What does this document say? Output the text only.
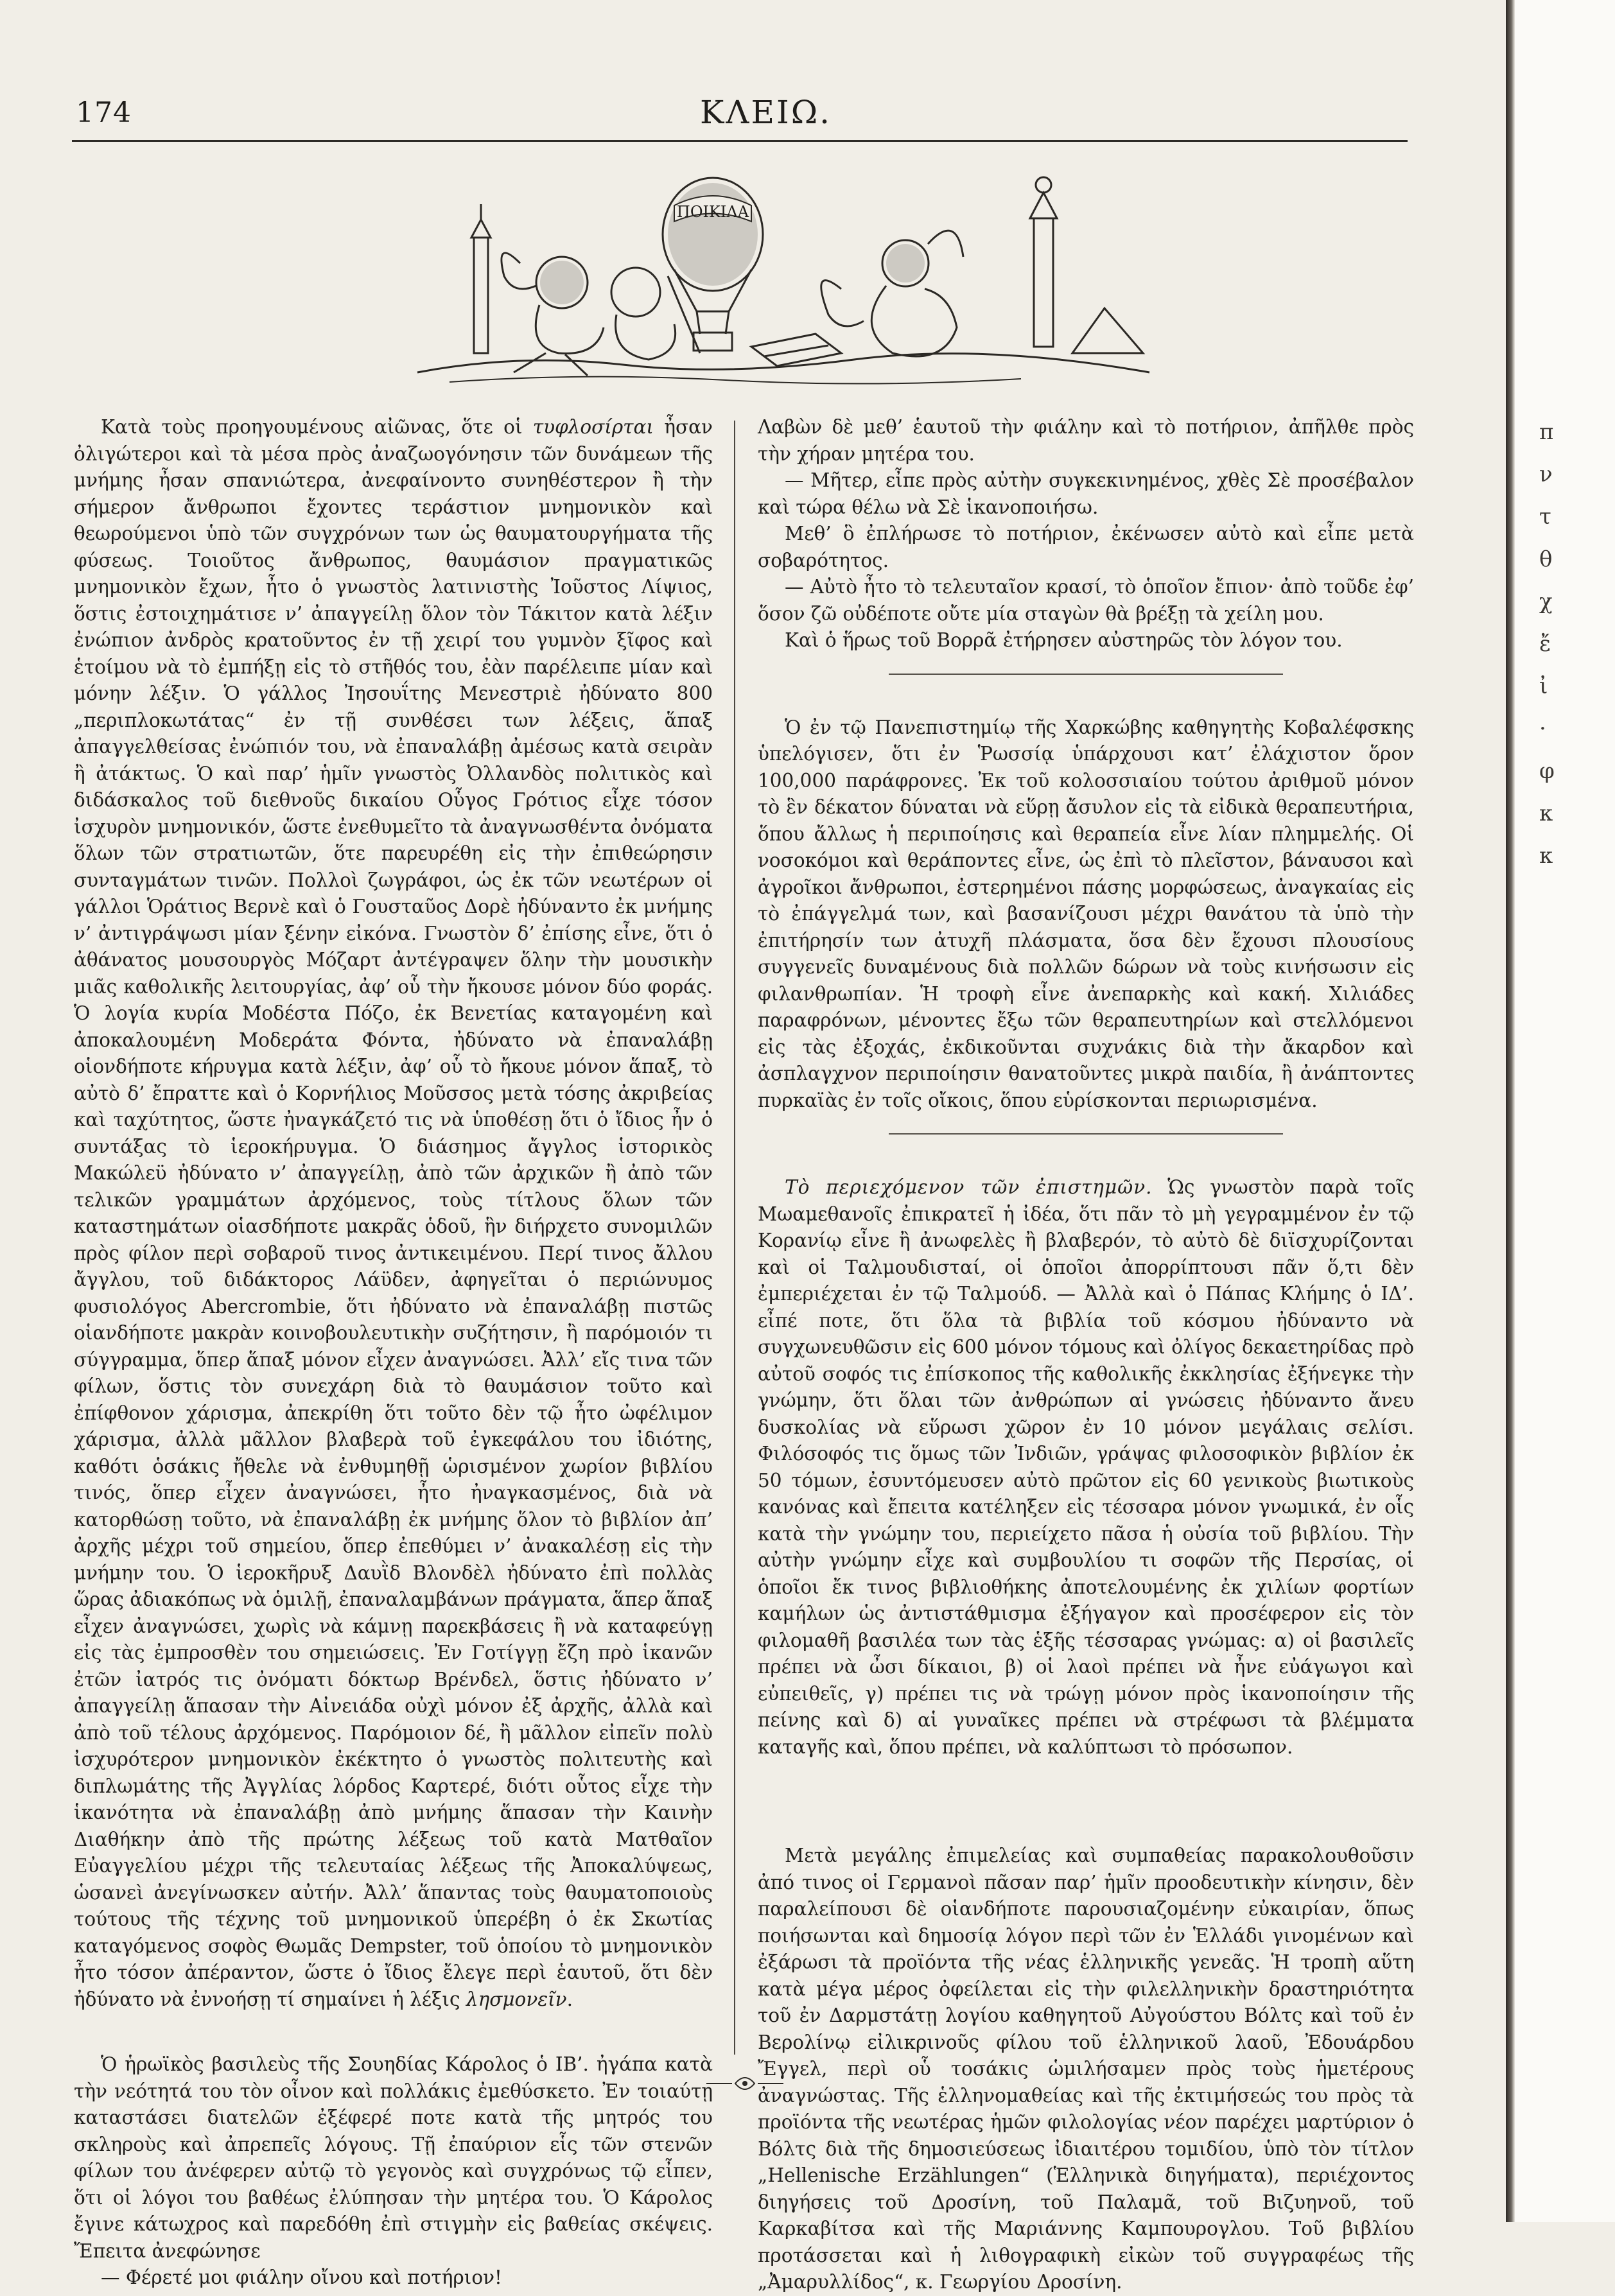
π
ν
τ
θ
χ
ἔ
ἰ
·
φ
κ
κ
174	ΚΛΕΙΩ.
ΠΟΙΚΙΛΑ

Κατὰ τοὺς προηγουμένους αἰῶνας, ὅτε οἱ τυφλοσίρται ἦσαν ὀλιγώτεροι καὶ τὰ μέσα πρὸς ἀναζωογόνησιν τῶν δυνάμεων τῆς μνήμης ἦσαν σπανιώτερα, ἀνεφαίνοντο συνηθέστερον ἢ τὴν σήμερον ἄνθρωποι ἔχοντες τεράστιον μνημονικὸν καὶ θεωρούμενοι ὑπὸ τῶν συγχρόνων των ὡς θαυματουργήματα τῆς φύσεως. Τοιοῦτος ἄνθρωπος, θαυμάσιον πραγματικῶς μνημονικὸν ἔχων, ἦτο ὁ γνωστὸς λατινιστὴς Ἰοῦστος Λίψιος, ὅστις ἐστοιχημάτισε ν’ ἀπαγγείλῃ ὅλον τὸν Τάκιτον κατὰ λέξιν ἐνώπιον ἀνδρὸς κρατοῦντος ἐν τῇ χειρί του γυμνὸν ξῖφος καὶ ἑτοίμου νὰ τὸ ἐμπήξῃ εἰς τὸ στῆθός του, ἐὰν παρέλειπε μίαν καὶ μόνην λέξιν. Ὁ γάλλος Ἰησουΐτης Μενεστριὲ ἠδύνατο 800 „περιπλοκωτάτας“ ἐν τῇ συνθέσει των λέξεις, ἅπαξ ἀπαγγελθείσας ἐνώπιόν του, νὰ ἐπαναλάβῃ ἀμέσως κατὰ σειρὰν ἢ ἀτάκτως. Ὁ καὶ παρ’ ἡμῖν γνωστὸς Ὀλλανδὸς πολιτικὸς καὶ διδάσκαλος τοῦ διεθνοῦς δικαίου Οὗγος Γρότιος εἶχε τόσον ἰσχυρὸν μνημονικόν, ὥστε ἐνεθυμεῖτο τὰ ἀναγνωσθέντα ὀνόματα ὅλων τῶν στρατιωτῶν, ὅτε παρευρέθη εἰς τὴν ἐπιθεώρησιν συνταγμάτων τινῶν. Πολλοὶ ζωγράφοι, ὡς ἐκ τῶν νεωτέρων οἱ γάλλοι Ὁράτιος Βερνὲ καὶ ὁ Γουσταῦος Δορὲ ἠδύναντο ἐκ μνήμης ν’ ἀντιγράψωσι μίαν ξένην εἰκόνα. Γνωστὸν δ’ ἐπίσης εἶνε, ὅτι ὁ ἀθάνατος μουσουργὸς Μόζαρτ ἀντέγραψεν ὅλην τὴν μουσικὴν μιᾶς καθολικῆς λειτουργίας, ἀφ’ οὗ τὴν ἤκουσε μόνον δύο φοράς. Ὁ λογία κυρία Μοδέστα Πόζο, ἐκ Βενετίας καταγομένη καὶ ἀποκαλουμένη Μοδεράτα Φόντα, ἠδύνατο νὰ ἐπαναλάβῃ οἱονδήποτε κήρυγμα κατὰ λέξιν, ἀφ’ οὗ τὸ ἤκουε μόνον ἅπαξ, τὸ αὐτὸ δ’ ἔπραττε καὶ ὁ Κορνήλιος Μοῦσσος μετὰ τόσης ἀκριβείας καὶ ταχύτητος, ὥστε ἠναγκάζετό τις νὰ ὑποθέσῃ ὅτι ὁ ἴδιος ἦν ὁ συντάξας τὸ ἱεροκήρυγμα. Ὁ διάσημος ἄγγλος ἱστορικὸς Μακώλεϋ ἠδύνατο ν’ ἀπαγγείλῃ, ἀπὸ τῶν ἀρχικῶν ἢ ἀπὸ τῶν τελικῶν γραμμάτων ἀρχόμενος, τοὺς τίτλους ὅλων τῶν καταστημάτων οἱασδήποτε μακρᾶς ὁδοῦ, ἣν διήρχετο συνομιλῶν πρὸς φίλον περὶ σοβαροῦ τινος ἀντικειμένου. Περί τινος ἄλλου ἄγγλου, τοῦ διδάκτορος Λάϋδεν, ἀφηγεῖται ὁ περιώνυμος φυσιολόγος Abercrombie, ὅτι ἠδύνατο νὰ ἐπαναλάβῃ πιστῶς οἱανδήποτε μακρὰν κοινοβουλευτικὴν συζήτησιν, ἢ παρόμοιόν τι σύγγραμμα, ὅπερ ἅπαξ μόνον εἶχεν ἀναγνώσει. Ἀλλ’ εἴς τινα τῶν φίλων, ὅστις τὸν συνεχάρη διὰ τὸ θαυμάσιον τοῦτο καὶ ἐπίφθονον χάρισμα, ἀπεκρίθη ὅτι τοῦτο δὲν τῷ ἦτο ὠφέλιμον χάρισμα, ἀλλὰ μᾶλλον βλαβερὰ τοῦ ἐγκεφάλου του ἰδιότης, καθότι ὁσάκις ἤθελε νὰ ἐνθυμηθῇ ὡρισμένον χωρίον βιβλίου τινός, ὅπερ εἶχεν ἀναγνώσει, ἦτο ἠναγκασμένος, διὰ νὰ κατορθώσῃ τοῦτο, νὰ ἐπαναλάβῃ ἐκ μνήμης ὅλον τὸ βιβλίον ἀπ’ ἀρχῆς μέχρι τοῦ σημείου, ὅπερ ἐπεθύμει ν’ ἀνακαλέσῃ εἰς τὴν μνήμην του. Ὁ ἱεροκῆρυξ Δαυῒδ Βλονδὲλ ἠδύνατο ἐπὶ πολλὰς ὥρας ἀδιακόπως νὰ ὁμιλῇ, ἐπαναλαμβάνων πράγματα, ἅπερ ἅπαξ εἶχεν ἀναγνώσει, χωρὶς νὰ κάμνῃ παρεκβάσεις ἢ νὰ καταφεύγῃ εἰς τὰς ἐμπροσθὲν του σημειώσεις. Ἐν Γοτίγγῃ ἔζη πρὸ ἱκανῶν ἐτῶν ἰατρός τις ὀνόματι δόκτωρ Βρένδελ, ὅστις ἠδύνατο ν’ ἀπαγγείλῃ ἅπασαν τὴν Αἰνειάδα οὐχὶ μόνον ἐξ ἀρχῆς, ἀλλὰ καὶ ἀπὸ τοῦ τέλους ἀρχόμενος. Παρόμοιον δέ, ἢ μᾶλλον εἰπεῖν πολὺ ἰσχυρότερον μνημονικὸν ἐκέκτητο ὁ γνωστὸς πολιτευτὴς καὶ διπλωμάτης τῆς Ἀγγλίας λόρδος Καρτερέ, διότι οὗτος εἶχε τὴν ἱκανότητα νὰ ἐπαναλάβῃ ἀπὸ μνήμης ἅπασαν τὴν Καινὴν Διαθήκην ἀπὸ τῆς πρώτης λέξεως τοῦ κατὰ Ματθαῖον Εὐαγγελίου μέχρι τῆς τελευταίας λέξεως τῆς Ἀποκαλύψεως, ὡσανεὶ ἀνεγίνωσκεν αὐτήν. Ἀλλ’ ἅπαντας τοὺς θαυματοποιοὺς τούτους τῆς τέχνης τοῦ μνημονικοῦ ὑπερέβη ὁ ἐκ Σκωτίας καταγόμενος σοφὸς Θωμᾶς Dempster, τοῦ ὁποίου τὸ μνημονικὸν ἦτο τόσον ἀπέραντον, ὥστε ὁ ἴδιος ἔλεγε περὶ ἑαυτοῦ, ὅτι δὲν ἠδύνατο νὰ ἐννοήσῃ τί σημαίνει ἡ λέξις λησμονεῖν.

Ὁ ἡρωϊκὸς βασιλεὺς τῆς Σουηδίας Κάρολος ὁ ΙΒ’. ἠγάπα κατὰ τὴν νεότητά του τὸν οἶνον καὶ πολλάκις ἐμεθύσκετο. Ἐν τοιαύτῃ καταστάσει διατελῶν ἐξέφερέ ποτε κατὰ τῆς μητρός του σκληροὺς καὶ ἀπρεπεῖς λόγους. Τῇ ἐπαύριον εἷς τῶν στενῶν φίλων του ἀνέφερεν αὐτῷ τὸ γεγονὸς καὶ συγχρόνως τῷ εἶπεν, ὅτι οἱ λόγοι του βαθέως ἐλύπησαν τὴν μητέρα του. Ὁ Κάρολος ἔγινε κάτωχρος καὶ παρεδόθη ἐπὶ στιγμὴν εἰς βαθείας σκέψεις. Ἔπειτα ἀνεφώνησε

— Φέρετέ μοι φιάλην οἴνου καὶ ποτήριον!

Λαβὼν δὲ μεθ’ ἑαυτοῦ τὴν φιάλην καὶ τὸ ποτήριον, ἀπῆλθε πρὸς τὴν χήραν μητέρα του.

— Μῆτερ, εἶπε πρὸς αὐτὴν συγκεκινημένος, χθὲς Σὲ προσέβαλον καὶ τώρα θέλω νὰ Σὲ ἱκανοποιήσω.

Μεθ’ ὃ ἐπλήρωσε τὸ ποτήριον, ἐκένωσεν αὐτὸ καὶ εἶπε μετὰ σοβαρότητος.

— Αὐτὸ ἦτο τὸ τελευταῖον κρασί, τὸ ὁποῖον ἔπιον· ἀπὸ τοῦδε ἐφ’ ὅσον ζῶ οὐδέποτε οὔτε μία σταγὼν θὰ βρέξῃ τὰ χείλη μου.

Καὶ ὁ ἥρως τοῦ Βορρᾶ ἐτήρησεν αὐστηρῶς τὸν λόγον του.

Ὁ ἐν τῷ Πανεπιστημίῳ τῆς Χαρκώβης καθηγητὴς Κοβαλέφσκης ὑπελόγισεν, ὅτι ἐν Ῥωσσίᾳ ὑπάρχουσι κατ’ ἐλάχιστον ὅρον 100,000 παράφρονες. Ἐκ τοῦ κολοσσιαίου τούτου ἀριθμοῦ μόνον τὸ ἓν δέκατον δύναται νὰ εὕρῃ ἄσυλον εἰς τὰ εἰδικὰ θεραπευτήρια, ὅπου ἄλλως ἡ περιποίησις καὶ θεραπεία εἶνε λίαν πλημμελής. Οἱ νοσοκόμοι καὶ θεράποντες εἶνε, ὡς ἐπὶ τὸ πλεῖστον, βάναυσοι καὶ ἀγροῖκοι ἄνθρωποι, ἐστερημένοι πάσης μορφώσεως, ἀναγκαίας εἰς τὸ ἐπάγγελμά των, καὶ βασανίζουσι μέχρι θανάτου τὰ ὑπὸ τὴν ἐπιτήρησίν των ἀτυχῆ πλάσματα, ὅσα δὲν ἔχουσι πλουσίους συγγενεῖς δυναμένους διὰ πολλῶν δώρων νὰ τοὺς κινήσωσιν εἰς φιλανθρωπίαν. Ἡ τροφὴ εἶνε ἀνεπαρκὴς καὶ κακή. Χιλιάδες παραφρόνων, μένοντες ἔξω τῶν θεραπευτηρίων καὶ στελλόμενοι εἰς τὰς ἐξοχάς, ἐκδικοῦνται συχνάκις διὰ τὴν ἄκαρδον καὶ ἀσπλαγχνον περιποίησιν θανατοῦντες μικρὰ παιδία, ἢ ἀνάπτοντες πυρκαϊὰς ἐν τοῖς οἴκοις, ὅπου εὑρίσκονται περιωρισμένα.

Τὸ περιεχόμενον τῶν ἐπιστημῶν. Ὡς γνωστὸν παρὰ τοῖς Μωαμεθανοῖς ἐπικρατεῖ ἡ ἰδέα, ὅτι πᾶν τὸ μὴ γεγραμμένον ἐν τῷ Κορανίῳ εἶνε ἢ ἀνωφελὲς ἢ βλαβερόν, τὸ αὐτὸ δὲ διϊσχυρίζονται καὶ οἱ Ταλμουδισταί, οἱ ὁποῖοι ἀπορρίπτουσι πᾶν ὅ,τι δὲν ἐμπεριέχεται ἐν τῷ Ταλμούδ. — Ἀλλὰ καὶ ὁ Πάπας Κλήμης ὁ ΙΔ’. εἶπέ ποτε, ὅτι ὅλα τὰ βιβλία τοῦ κόσμου ἠδύναντο νὰ συγχωνευθῶσιν εἰς 600 μόνον τόμους καὶ ὀλίγος δεκαετηρίδας πρὸ αὐτοῦ σοφός τις ἐπίσκοπος τῆς καθολικῆς ἐκκλησίας ἐξήνεγκε τὴν γνώμην, ὅτι ὅλαι τῶν ἀνθρώπων αἱ γνώσεις ἠδύναντο ἄνευ δυσκολίας νὰ εὕρωσι χῶρον ἐν 10 μόνον μεγάλαις σελίσι. Φιλόσοφός τις ὅμως τῶν Ἰνδιῶν, γράψας φιλοσοφικὸν βιβλίον ἐκ 50 τόμων, ἐσυντόμευσεν αὐτὸ πρῶτον εἰς 60 γενικοὺς βιωτικοὺς κανόνας καὶ ἔπειτα κατέληξεν εἰς τέσσαρα μόνον γνωμικά, ἐν οἷς κατὰ τὴν γνώμην του, περιείχετο πᾶσα ἡ οὐσία τοῦ βιβλίου. Τὴν αὐτὴν γνώμην εἶχε καὶ συμβουλίου τι σοφῶν τῆς Περσίας, οἱ ὁποῖοι ἔκ τινος βιβλιοθήκης ἀποτελουμένης ἐκ χιλίων φορτίων καμήλων ὡς ἀντιστάθμισμα ἐξήγαγον καὶ προσέφερον εἰς τὸν φιλομαθῆ βασιλέα των τὰς ἑξῆς τέσσαρας γνώμας: α) οἱ βασιλεῖς πρέπει νὰ ὦσι δίκαιοι, β) οἱ λαοὶ πρέπει νὰ ἦνε εὐάγωγοι καὶ εὐπειθεῖς, γ) πρέπει τις νὰ τρώγῃ μόνον πρὸς ἱκανοποίησιν τῆς πείνης καὶ δ) αἱ γυναῖκες πρέπει νὰ στρέφωσι τὰ βλέμματα καταγῆς καὶ, ὅπου πρέπει, νὰ καλύπτωσι τὸ πρόσωπον.

Μετὰ μεγάλης ἐπιμελείας καὶ συμπαθείας παρακολουθοῦσιν ἀπό τινος οἱ Γερμανοὶ πᾶσαν παρ’ ἡμῖν προοδευτικὴν κίνησιν, δὲν παραλείπουσι δὲ οἱανδήποτε παρουσιαζομένην εὐκαιρίαν, ὅπως ποιήσωνται καὶ δημοσίᾳ λόγον περὶ τῶν ἐν Ἑλλάδι γινομένων καὶ ἐξάρωσι τὰ προϊόντα τῆς νέας ἑλληνικῆς γενεᾶς. Ἡ τροπὴ αὕτη κατὰ μέγα μέρος ὀφείλεται εἰς τὴν φιλελληνικὴν δραστηριότητα τοῦ ἐν Δαρμστάτῃ λογίου καθηγητοῦ Αὐγούστου Βόλτς καὶ τοῦ ἐν Βερολίνῳ εἰλικρινοῦς φίλου τοῦ ἑλληνικοῦ λαοῦ, Ἐδουάρδου Ἔγγελ, περὶ οὗ τοσάκις ὡμιλήσαμεν πρὸς τοὺς ἡμετέρους ἀναγνώστας. Τῆς ἑλληνομαθείας καὶ τῆς ἐκτιμήσεώς του πρὸς τὰ προϊόντα τῆς νεωτέρας ἡμῶν φιλολογίας νέον παρέχει μαρτύριον ὁ Βόλτς διὰ τῆς δημοσιεύσεως ἰδιαιτέρου τομιδίου, ὑπὸ τὸν τίτλον „Hellenische Erzählungen“ (Ἑλληνικὰ διηγήματα), περιέχοντος διηγήσεις τοῦ Δροσίνη, τοῦ Παλαμᾶ, τοῦ Βιζυηνοῦ, τοῦ Καρκαβίτσα καὶ τῆς Μαριάννης Καμπουρογλου. Τοῦ βιβλίου προτάσσεται καὶ ἡ λιθογραφικὴ εἰκὼν τοῦ συγγραφέως τῆς „Ἀμαρυλλίδος“, κ. Γεωργίου Δροσίνη.
